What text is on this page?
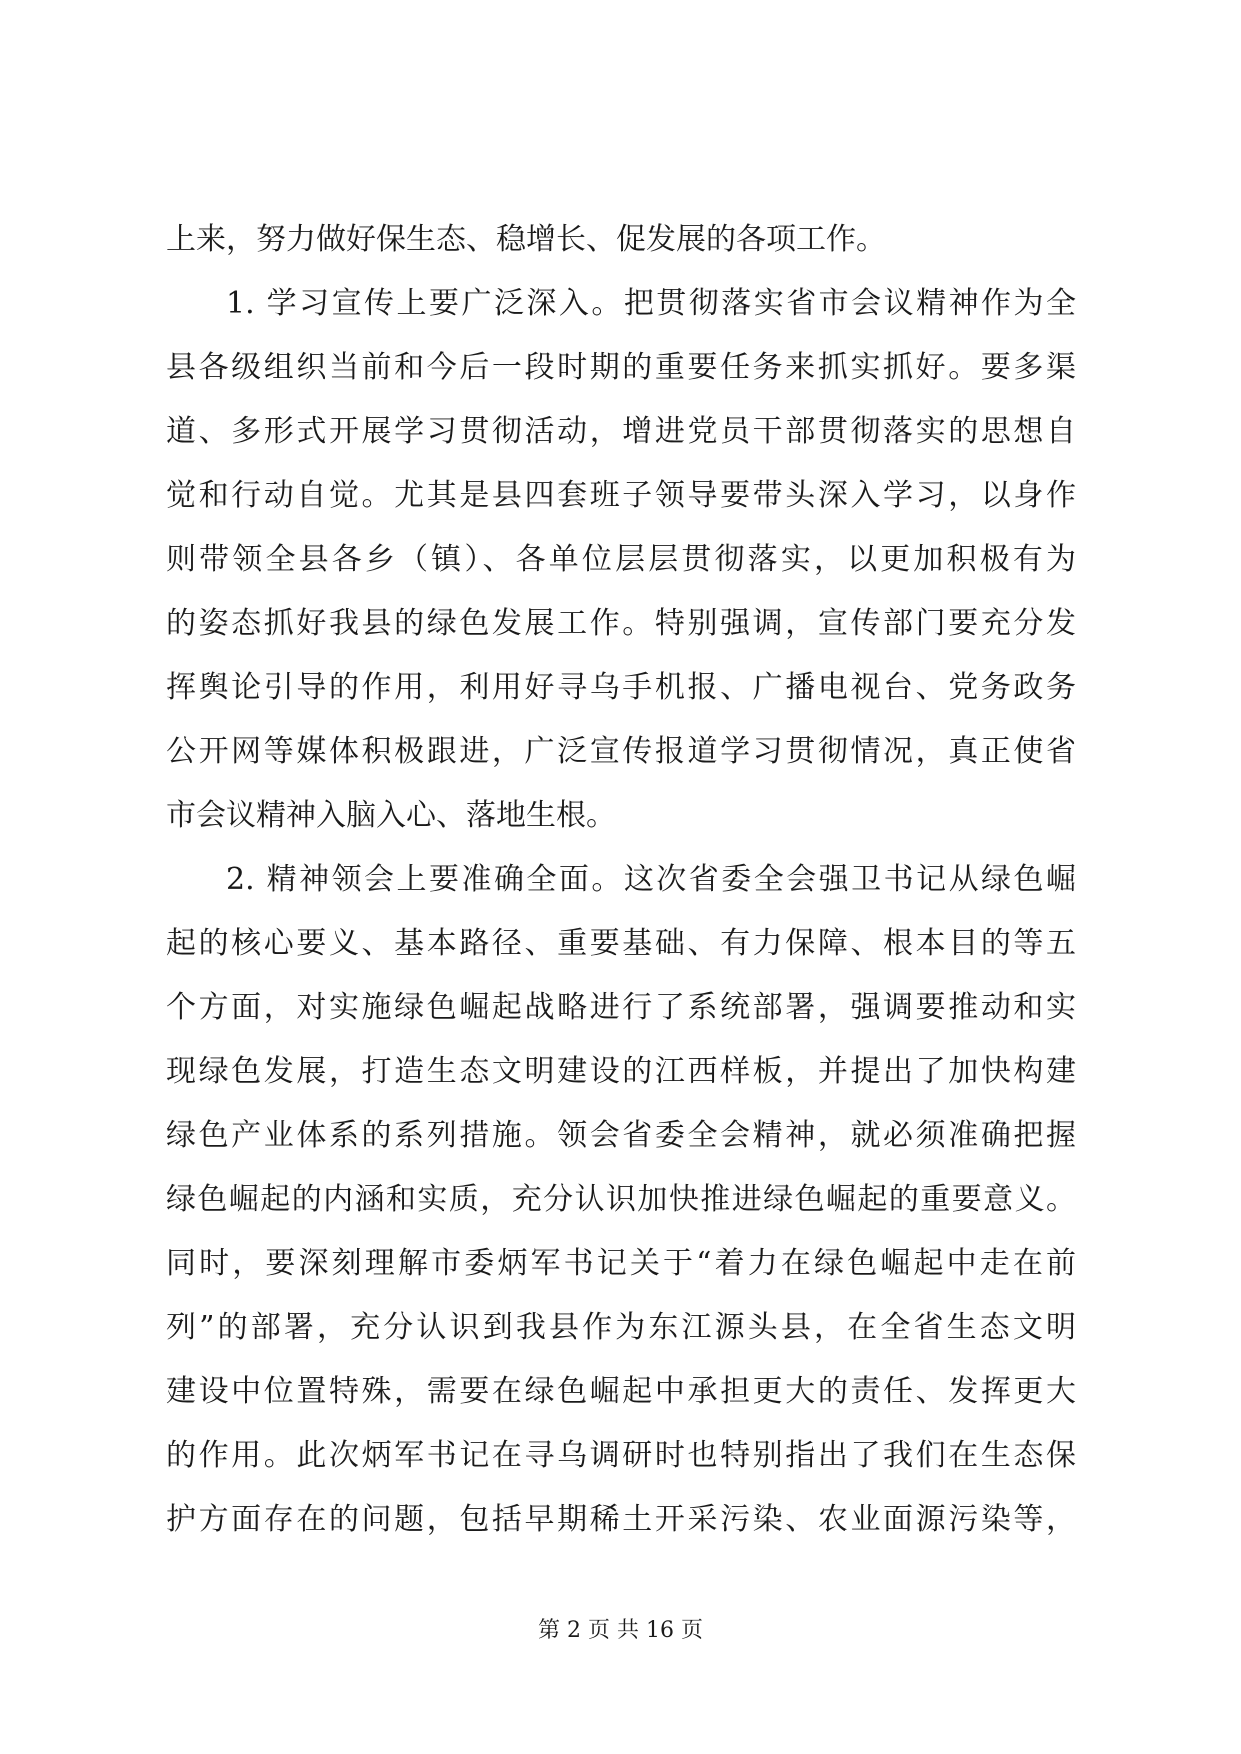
上来，努力做好保生态、稳增长、促发展的各项工作。
1. 学习宣传上要广泛深入。把贯彻落实省市会议精神作为全
县各级组织当前和今后一段时期的重要任务来抓实抓好。要多渠
道、多形式开展学习贯彻活动，增进党员干部贯彻落实的思想自
觉和行动自觉。尤其是县四套班子领导要带头深入学习，以身作
则带领全县各乡（镇）、各单位层层贯彻落实，以更加积极有为
的姿态抓好我县的绿色发展工作。特别强调，宣传部门要充分发
挥舆论引导的作用，利用好寻乌手机报、广播电视台、党务政务
公开网等媒体积极跟进，广泛宣传报道学习贯彻情况，真正使省
市会议精神入脑入心、落地生根。
2. 精神领会上要准确全面。这次省委全会强卫书记从绿色崛
起的核心要义、基本路径、重要基础、有力保障、根本目的等五
个方面，对实施绿色崛起战略进行了系统部署，强调要推动和实
现绿色发展，打造生态文明建设的江西样板，并提出了加快构建
绿色产业体系的系列措施。领会省委全会精神，就必须准确把握
绿色崛起的内涵和实质，充分认识加快推进绿色崛起的重要意义。
同时，要深刻理解市委炳军书记关于“着力在绿色崛起中走在前
列”的部署，充分认识到我县作为东江源头县，在全省生态文明
建设中位置特殊，需要在绿色崛起中承担更大的责任、发挥更大
的作用。此次炳军书记在寻乌调研时也特别指出了我们在生态保
护方面存在的问题，包括早期稀土开采污染、农业面源污染等，
第 2 页 共 16 页
